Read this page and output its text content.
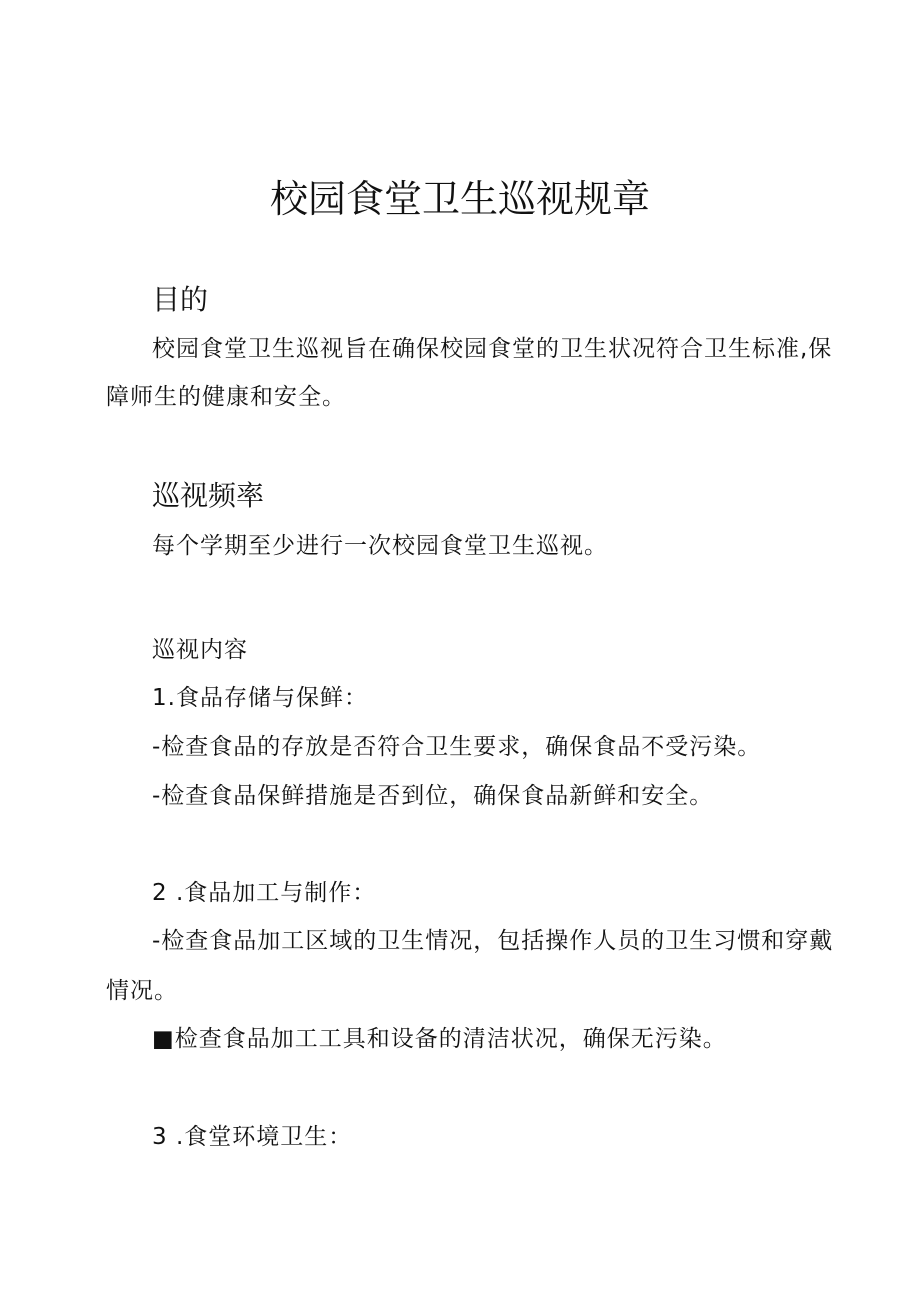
校园食堂卫生巡视规章
目的

校园食堂卫生巡视旨在确保校园食堂的卫生状况符合卫生标准,保

障师生的健康和安全。

巡视频率

每个学期至少进行一次校园食堂卫生巡视。

巡视内容

1.食品存储与保鲜：

-检查食品的存放是否符合卫生要求，确保食品不受污染。

-检查食品保鲜措施是否到位，确保食品新鲜和安全。

2 .食品加工与制作：

-检查食品加工区域的卫生情况，包括操作人员的卫生习惯和穿戴

情况。

■检查食品加工工具和设备的清洁状况，确保无污染。

3 .食堂环境卫生：
